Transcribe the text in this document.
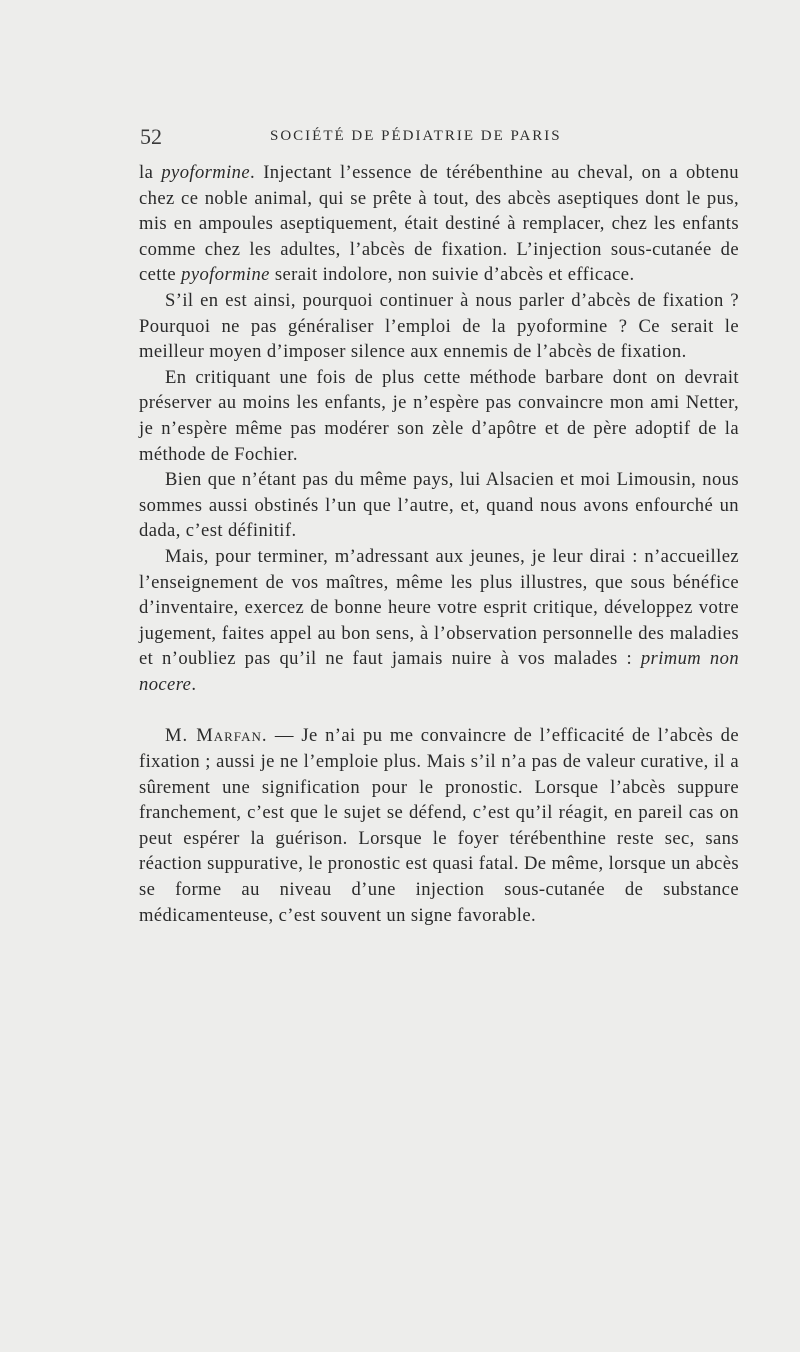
52	SOCIÉTÉ DE PÉDIATRIE DE PARIS

la pyoformine. Injectant l’essence de térébenthine au cheval, on a obtenu chez ce noble animal, qui se prête à tout, des abcès aseptiques dont le pus, mis en ampoules aseptiquement, était destiné à remplacer, chez les enfants comme chez les adultes, l’abcès de fixation. L’injection sous-cutanée de cette pyoformine serait indolore, non suivie d’abcès et efficace.

S’il en est ainsi, pourquoi continuer à nous parler d’abcès de fixation ? Pourquoi ne pas généraliser l’emploi de la pyoformine ? Ce serait le meilleur moyen d’imposer silence aux ennemis de l’abcès de fixation.

En critiquant une fois de plus cette méthode barbare dont on devrait préserver au moins les enfants, je n’espère pas convaincre mon ami Netter, je n’espère même pas modérer son zèle d’apôtre et de père adoptif de la méthode de Fochier.

Bien que n’étant pas du même pays, lui Alsacien et moi Limousin, nous sommes aussi obstinés l’un que l’autre, et, quand nous avons enfourché un dada, c’est définitif.

Mais, pour terminer, m’adressant aux jeunes, je leur dirai : n’accueillez l’enseignement de vos maîtres, même les plus illustres, que sous bénéfice d’inventaire, exercez de bonne heure votre esprit critique, développez votre jugement, faites appel au bon sens, à l’observation personnelle des maladies et n’oubliez pas qu’il ne faut jamais nuire à vos malades : primum non nocere.

M. Marfan. — Je n’ai pu me convaincre de l’efficacité de l’abcès de fixation ; aussi je ne l’emploie plus. Mais s’il n’a pas de valeur curative, il a sûrement une signification pour le pronostic. Lorsque l’abcès suppure franchement, c’est que le sujet se défend, c’est qu’il réagit, en pareil cas on peut espérer la guérison. Lorsque le foyer térébenthine reste sec, sans réaction suppurative, le pronostic est quasi fatal. De même, lorsque un abcès se forme au niveau d’une injection sous-cutanée de substance médicamenteuse, c’est souvent un signe favorable.
